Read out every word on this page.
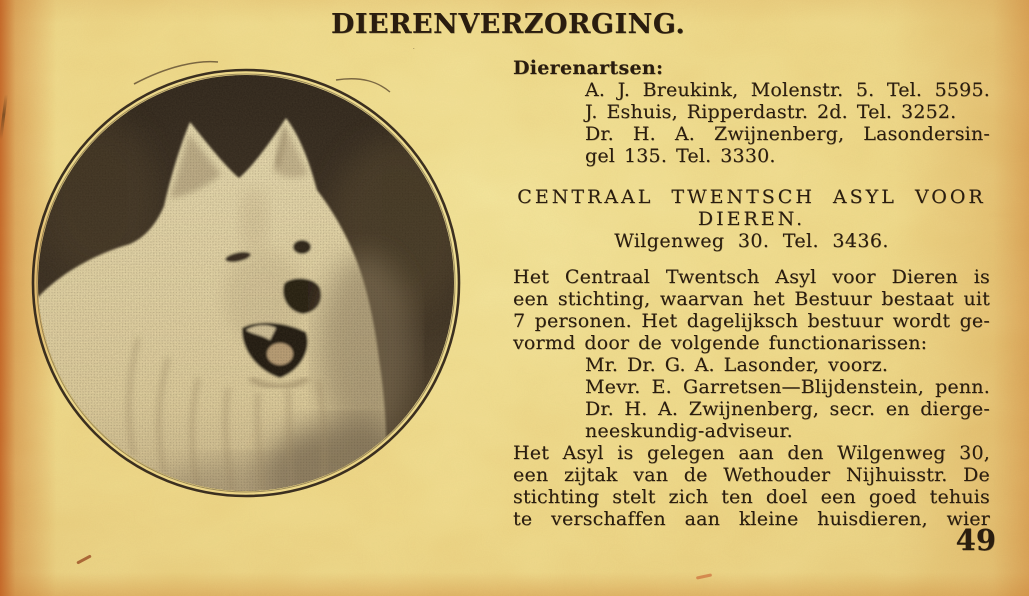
DIERENVERZORGING.
Dierenartsen:
A. J. Breukink, Molenstr. 5. Tel. 5595.
J. Eshuis, Ripperdastr. 2d. Tel. 3252.
Dr. H. A. Zwijnenberg, Lasondersin-
gel 135. Tel. 3330.
CENTRAAL TWENTSCH ASYL VOOR
DIEREN.
Wilgenweg 30. Tel. 3436.
Het Centraal Twentsch Asyl voor Dieren is
een stichting, waarvan het Bestuur bestaat uit
7 personen. Het dagelijksch bestuur wordt ge-
vormd door de volgende functionarissen:
Mr. Dr. G. A. Lasonder, voorz.
Mevr. E. Garretsen—Blijdenstein, penn.
Dr. H. A. Zwijnenberg, secr. en dierge-
neeskundig-adviseur.
Het Asyl is gelegen aan den Wilgenweg 30,
een zijtak van de Wethouder Nijhuisstr. De
stichting stelt zich ten doel een goed tehuis
te verschaffen aan kleine huisdieren, wier
49
